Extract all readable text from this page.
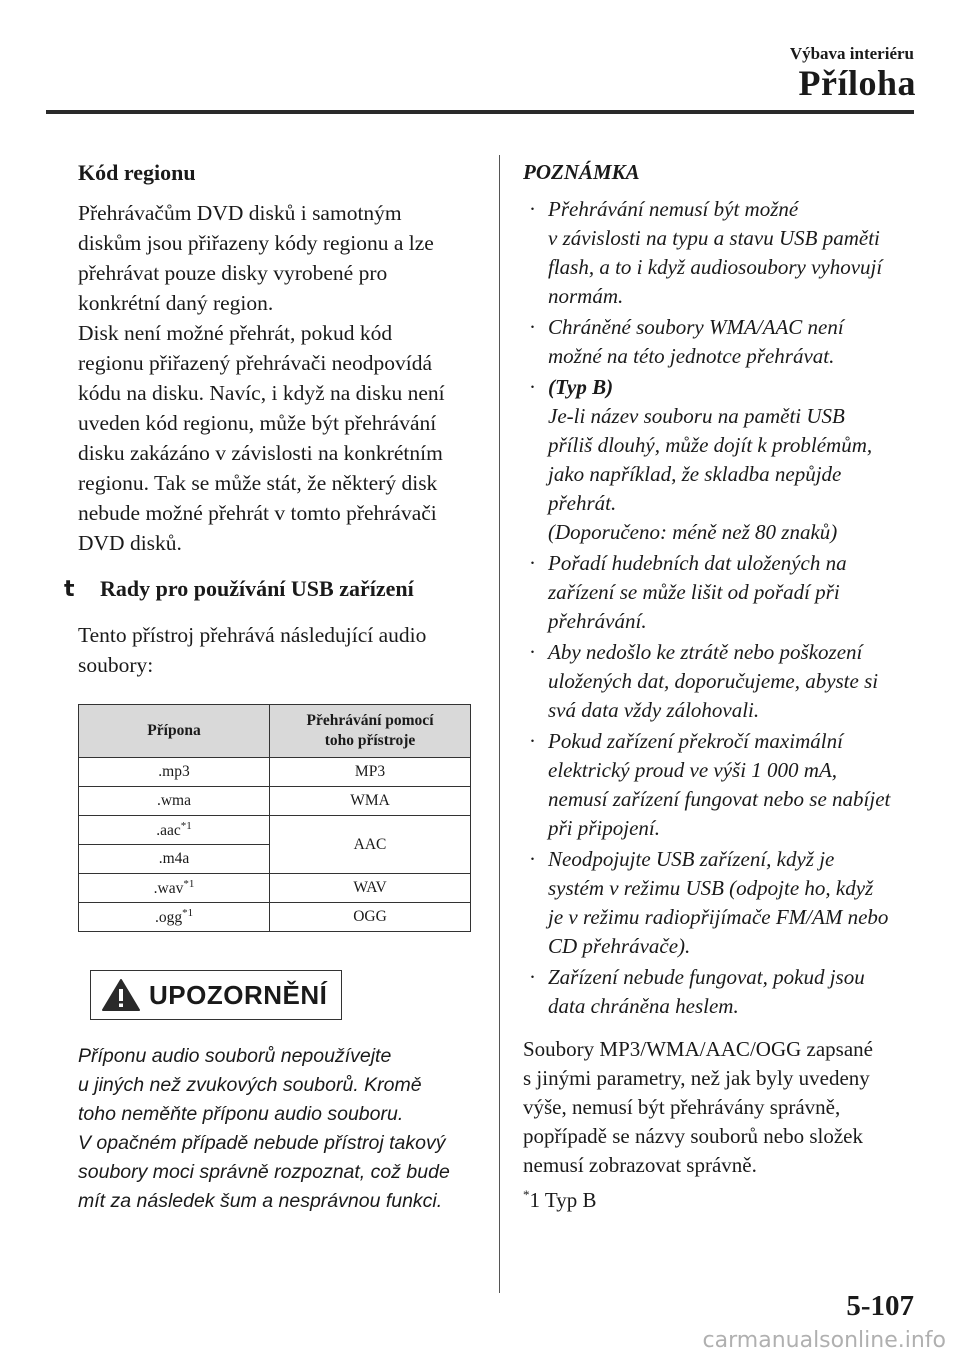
Výbava interiéru
Příloha
Kód regionu
Přehrávačům DVD disků i samotným
diskům jsou přiřazeny kódy regionu a lze
přehrávat pouze disky vyrobené pro
konkrétní daný region.
Disk není možné přehrát, pokud kód
regionu přiřazený přehrávači neodpovídá
kódu na disku. Navíc, i když na disku není
uveden kód regionu, může být přehrávání
disku zakázáno v závislosti na konkrétním
regionu. Tak se může stát, že některý disk
nebude možné přehrát v tomto přehrávači
DVD disků.
t	Rady pro používání USB zařízení
Tento přístroj přehrává následující audio
soubory:
Přípona	Přehrávání pomocí
toho přístroje

.mp3	MP3
.wma	WMA
.aac$^{*1}$	AAC
.m4a	
.wav$^{*1}$	WAV
.ogg$^{*1}$	OGG
UPOZORNĚNÍ
Příponu audio souborů nepoužívejte
u jiných než zvukových souborů. Kromě
toho neměňte příponu audio souboru.
V opačném případě nebude přístroj takový
soubory moci správně rozpoznat, což bude
mít za následek šum a nesprávnou funkci.
POZNÁMKA
· Přehrávání nemusí být možné
v závislosti na typu a stavu USB paměti
flash, a to i když audiosoubory vyhovují
normám.
· Chráněné soubory WMA/AAC není
možné na této jednotce přehrávat.
· (Typ B)
Je-li název souboru na paměti USB
příliš dlouhý, může dojít k problémům,
jako například, že skladba nepůjde
přehrát.
(Doporučeno: méně než 80 znaků)
· Pořadí hudebních dat uložených na
zařízení se může lišit od pořadí při
přehrávání.
· Aby nedošlo ke ztrátě nebo poškození
uložených dat, doporučujeme, abyste si
svá data vždy zálohovali.
· Pokud zařízení překročí maximální
elektrický proud ve výši 1 000 mA,
nemusí zařízení fungovat nebo se nabíjet
při připojení.
· Neodpojujte USB zařízení, když je
systém v režimu USB (odpojte ho, když
je v režimu radiopřijímače FM/AM nebo
CD přehrávače).
· Zařízení nebude fungovat, pokud jsou
data chráněna heslem.
Soubory MP3/WMA/AAC/OGG zapsané
s jinými parametry, než jak byly uvedeny
výše, nemusí být přehrávány správně,
popřípadě se názvy souborů nebo složek
nemusí zobrazovat správně.
*1 Typ B
5-107
carmanualsonline.info
